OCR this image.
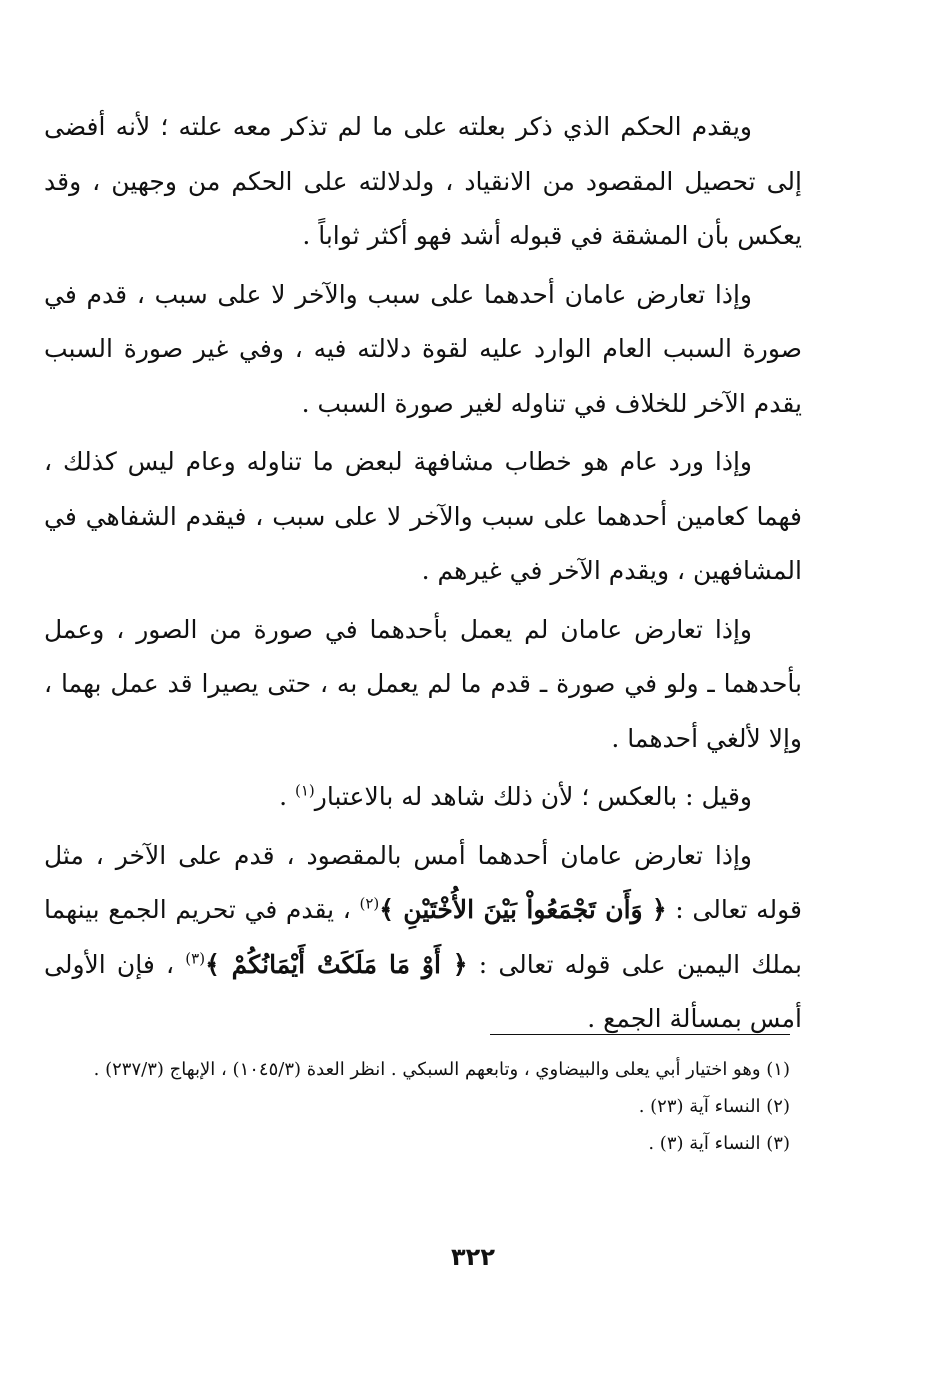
ويقدم الحكم الذي ذكر بعلته على ما لم تذكر معه علته ؛ لأنه أفضى إلى تحصيل المقصود من الانقياد ، ولدلالته على الحكم من وجهين ، وقد يعكس بأن المشقة في قبوله أشد فهو أكثر ثواباً .

وإذا تعارض عامان أحدهما على سبب والآخر لا على سبب ، قدم في صورة السبب العام الوارد عليه لقوة دلالته فيه ، وفي غير صورة السبب يقدم الآخر للخلاف في تناوله لغير صورة السبب .

وإذا ورد عام هو خطاب مشافهة لبعض ما تناوله وعام ليس كذلك ، فهما كعامين أحدهما على سبب والآخر لا على سبب ، فيقدم الشفاهي في المشافهين ، ويقدم الآخر في غيرهم .

وإذا تعارض عامان لم يعمل بأحدهما في صورة من الصور ، وعمل بأحدهما ـ ولو في صورة ـ قدم ما لم يعمل به ، حتى يصيرا قد عمل بهما ، وإلا لألغي أحدهما .

وقيل : بالعكس ؛ لأن ذلك شاهد له بالاعتبار$^{(١)}$ .

وإذا تعارض عامان أحدهما أمس بالمقصود ، قدم على الآخر ، مثل قوله تعالى : ﴿ وَأَن تَجْمَعُواْ بَيْنَ الأُخْتَيْنِ ﴾$^{(٢)}$ ، يقدم في تحريم الجمع بينهما بملك اليمين على قوله تعالى : ﴿ أَوْ مَا مَلَكَتْ أَيْمَانُكُمْ ﴾$^{(٣)}$ ، فإن الأولى أمس بمسألة الجمع .

(١) وهو اختيار أبي يعلى والبيضاوي ، وتابعهم السبكي . انظر العدة (١٠٤٥/٣) ، الإبهاج (٢٣٧/٣) .

(٢) النساء آية (٢٣) .

(٣) النساء آية (٣) .

٣٢٢
